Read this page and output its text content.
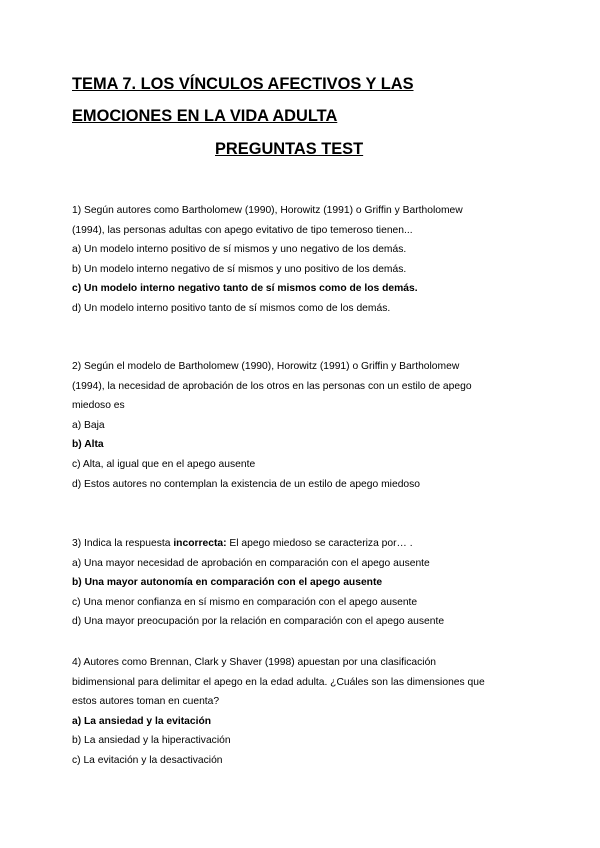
TEMA 7. LOS VÍNCULOS AFECTIVOS Y LAS
EMOCIONES EN LA VIDA ADULTA
PREGUNTAS TEST
1) Según autores como Bartholomew (1990), Horowitz (1991) o Griffin y Bartholomew
(1994), las personas adultas con apego evitativo de tipo temeroso tienen...
a) Un modelo interno positivo de sí mismos y uno negativo de los demás.
b) Un modelo interno negativo de sí mismos y uno positivo de los demás.
c) Un modelo interno negativo tanto de sí mismos como de los demás.
d) Un modelo interno positivo tanto de sí mismos como de los demás.
2) Según el modelo de Bartholomew (1990), Horowitz (1991) o Griffin y Bartholomew
(1994), la necesidad de aprobación de los otros en las personas con un estilo de apego
miedoso es
a) Baja
b) Alta
c) Alta, al igual que en el apego ausente
d) Estos autores no contemplan la existencia de un estilo de apego miedoso
3) Indica la respuesta incorrecta: El apego miedoso se caracteriza por… .
a) Una mayor necesidad de aprobación en comparación con el apego ausente
b) Una mayor autonomía en comparación con el apego ausente
c) Una menor confianza en sí mismo en comparación con el apego ausente
d) Una mayor preocupación por la relación en comparación con el apego ausente
4) Autores como Brennan, Clark y Shaver (1998) apuestan por una clasificación
bidimensional para delimitar el apego en la edad adulta. ¿Cuáles son las dimensiones que
estos autores toman en cuenta?
a) La ansiedad y la evitación
b) La ansiedad y la hiperactivación
c) La evitación y la desactivación
